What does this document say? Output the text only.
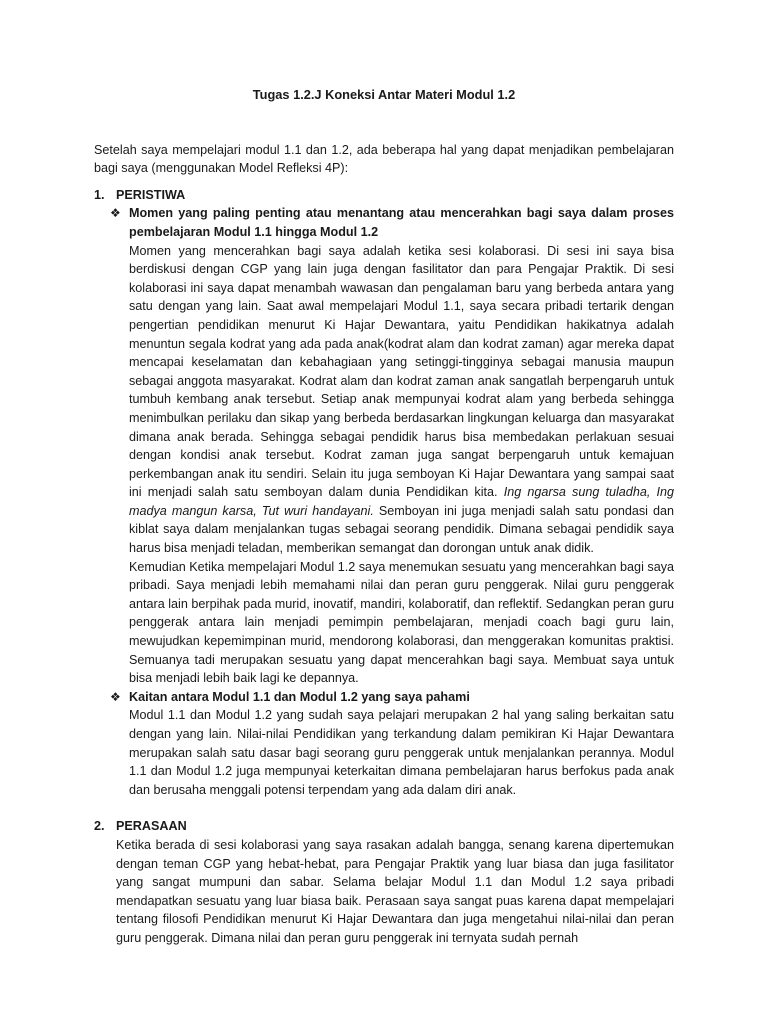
Tugas 1.2.J Koneksi Antar Materi Modul 1.2

Setelah saya mempelajari modul 1.1 dan 1.2, ada beberapa hal yang dapat menjadikan pembelajaran bagi saya (menggunakan Model Refleksi 4P):

1. PERISTIWA
❖ Momen yang paling penting atau menantang atau mencerahkan bagi saya dalam proses pembelajaran Modul 1.1 hingga Modul 1.2

Momen yang mencerahkan bagi saya adalah ketika sesi kolaborasi. Di sesi ini saya bisa berdiskusi dengan CGP yang lain juga dengan fasilitator dan para Pengajar Praktik. Di sesi kolaborasi ini saya dapat menambah wawasan dan pengalaman baru yang berbeda antara yang satu dengan yang lain. Saat awal mempelajari Modul 1.1, saya secara pribadi tertarik dengan pengertian pendidikan menurut Ki Hajar Dewantara, yaitu Pendidikan hakikatnya adalah menuntun segala kodrat yang ada pada anak(kodrat alam dan kodrat zaman) agar mereka dapat mencapai keselamatan dan kebahagiaan yang setinggi-tingginya sebagai manusia maupun sebagai anggota masyarakat. Kodrat alam dan kodrat zaman anak sangatlah berpengaruh untuk tumbuh kembang anak tersebut. Setiap anak mempunyai kodrat alam yang berbeda sehingga menimbulkan perilaku dan sikap yang berbeda berdasarkan lingkungan keluarga dan masyarakat dimana anak berada. Sehingga sebagai pendidik harus bisa membedakan perlakuan sesuai dengan kondisi anak tersebut. Kodrat zaman juga sangat berpengaruh untuk kemajuan perkembangan anak itu sendiri. Selain itu juga semboyan Ki Hajar Dewantara yang sampai saat ini menjadi salah satu semboyan dalam dunia Pendidikan kita. Ing ngarsa sung tuladha, Ing madya mangun karsa, Tut wuri handayani. Semboyan ini juga menjadi salah satu pondasi dan kiblat saya dalam menjalankan tugas sebagai seorang pendidik. Dimana sebagai pendidik saya harus bisa menjadi teladan, memberikan semangat dan dorongan untuk anak didik.

Kemudian Ketika mempelajari Modul 1.2 saya menemukan sesuatu yang mencerahkan bagi saya pribadi. Saya menjadi lebih memahami nilai dan peran guru penggerak. Nilai guru penggerak antara lain berpihak pada murid, inovatif, mandiri, kolaboratif, dan reflektif. Sedangkan peran guru penggerak antara lain menjadi pemimpin pembelajaran, menjadi coach bagi guru lain, mewujudkan kepemimpinan murid, mendorong kolaborasi, dan menggerakan komunitas praktisi. Semuanya tadi merupakan sesuatu yang dapat mencerahkan bagi saya. Membuat saya untuk bisa menjadi lebih baik lagi ke depannya.

❖ Kaitan antara Modul 1.1 dan Modul 1.2 yang saya pahami

Modul 1.1 dan Modul 1.2 yang sudah saya pelajari merupakan 2 hal yang saling berkaitan satu dengan yang lain. Nilai-nilai Pendidikan yang terkandung dalam pemikiran Ki Hajar Dewantara merupakan salah satu dasar bagi seorang guru penggerak untuk menjalankan perannya. Modul 1.1 dan Modul 1.2 juga mempunyai keterkaitan dimana pembelajaran harus berfokus pada anak dan berusaha menggali potensi terpendam yang ada dalam diri anak.

2. PERASAAN

Ketika berada di sesi kolaborasi yang saya rasakan adalah bangga, senang karena dipertemukan dengan teman CGP yang hebat-hebat, para Pengajar Praktik yang luar biasa dan juga fasilitator yang sangat mumpuni dan sabar. Selama belajar Modul 1.1 dan Modul 1.2 saya pribadi mendapatkan sesuatu yang luar biasa baik. Perasaan saya sangat puas karena dapat mempelajari tentang filosofi Pendidikan menurut Ki Hajar Dewantara dan juga mengetahui nilai-nilai dan peran guru penggerak. Dimana nilai dan peran guru penggerak ini ternyata sudah pernah
